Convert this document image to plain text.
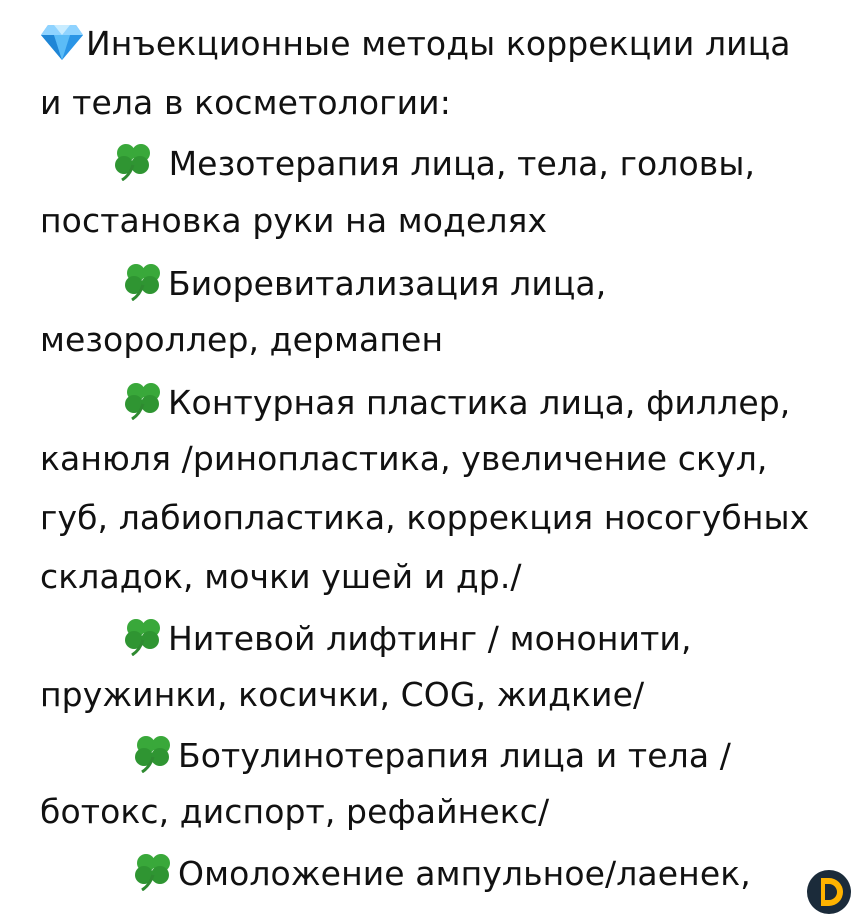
Инъекционные методы коррекции лица
и тела в косметологии:
Мезотерапия лица, тела, головы,
постановка руки на моделях
Биоревитализация лица,
мезороллер, дермапен
Контурная пластика лица, филлер,
канюля /ринопластика, увеличение скул,
губ, лабиопластика, коррекция носогубных
складок, мочки ушей и др./
Нитевой лифтинг / мононити,
пружинки, косички, COG, жидкие/
Ботулинотерапия лица и тела /
ботокс, диспорт, рефайнекс/
Омоложение ампульное/лаенек,
